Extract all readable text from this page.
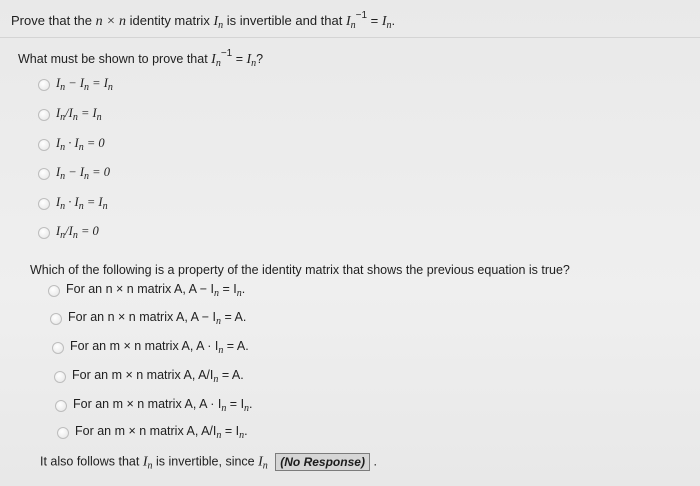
Prove that the n × n identity matrix $I_n$ is invertible and that $I_n^{-1} = I_n$.
What must be shown to prove that $I_n^{-1} = I_n$?
$I_n - I_n = I_n$
$I_n/I_n = I_n$
$I_n \cdot I_n = 0$
$I_n - I_n = 0$
$I_n \cdot I_n = I_n$
$I_n/I_n = 0$
Which of the following is a property of the identity matrix that shows the previous equation is true?
For an n × n matrix A, $A - I_n = I_n$.
For an n × n matrix A, $A - I_n = A$.
For an m × n matrix A, $A \cdot I_n = A$.
For an m × n matrix A, $A/I_n = A$.
For an m × n matrix A, $A \cdot I_n = I_n$.
For an m × n matrix A, $A/I_n = I_n$.
It also follows that $I_n$ is invertible, since $I_n$ (No Response) .
